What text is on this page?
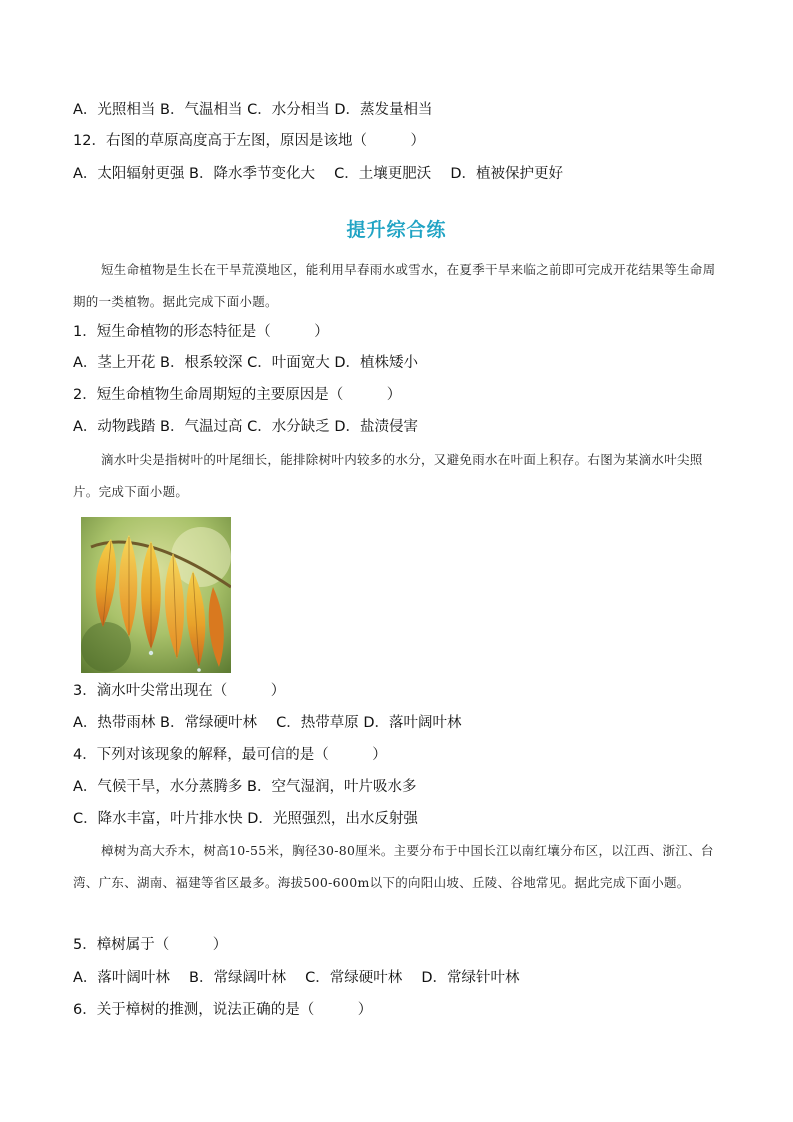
A．光照相当 B．气温相当 C．水分相当 D．蒸发量相当
12．右图的草原高度高于左图，原因是该地（　　　）
A．太阳辐射更强 B．降水季节变化大　 C．土壤更肥沃　 D．植被保护更好
提升综合练
短生命植物是生长在干旱荒漠地区，能利用早春雨水或雪水，在夏季干旱来临之前即可完成开花结果等生命周期的一类植物。据此完成下面小题。
1．短生命植物的形态特征是（　　　）
A．茎上开花 B．根系较深 C．叶面宽大 D．植株矮小
2．短生命植物生命周期短的主要原因是（　　　）
A．动物践踏 B．气温过高 C．水分缺乏 D．盐渍侵害
滴水叶尖是指树叶的叶尾细长，能排除树叶内较多的水分，又避免雨水在叶面上积存。右图为某滴水叶尖照片。完成下面小题。
3．滴水叶尖常出现在（　　　）
A．热带雨林 B．常绿硬叶林　 C．热带草原 D．落叶阔叶林
4．下列对该现象的解释，最可信的是（　　　）
A．气候干旱，水分蒸腾多 B．空气湿润，叶片吸水多
C．降水丰富，叶片排水快 D．光照强烈，出水反射强
樟树为高大乔木，树高10-55米，胸径30-80厘米。主要分布于中国长江以南红壤分布区，以江西、浙江、台湾、广东、湖南、福建等省区最多。海拔500-600m以下的向阳山坡、丘陵、谷地常见。据此完成下面小题。
5．樟树属于（　　　）
A．落叶阔叶林　 B．常绿阔叶林　 C．常绿硬叶林　 D．常绿针叶林
6．关于樟树的推测，说法正确的是（　　　）
